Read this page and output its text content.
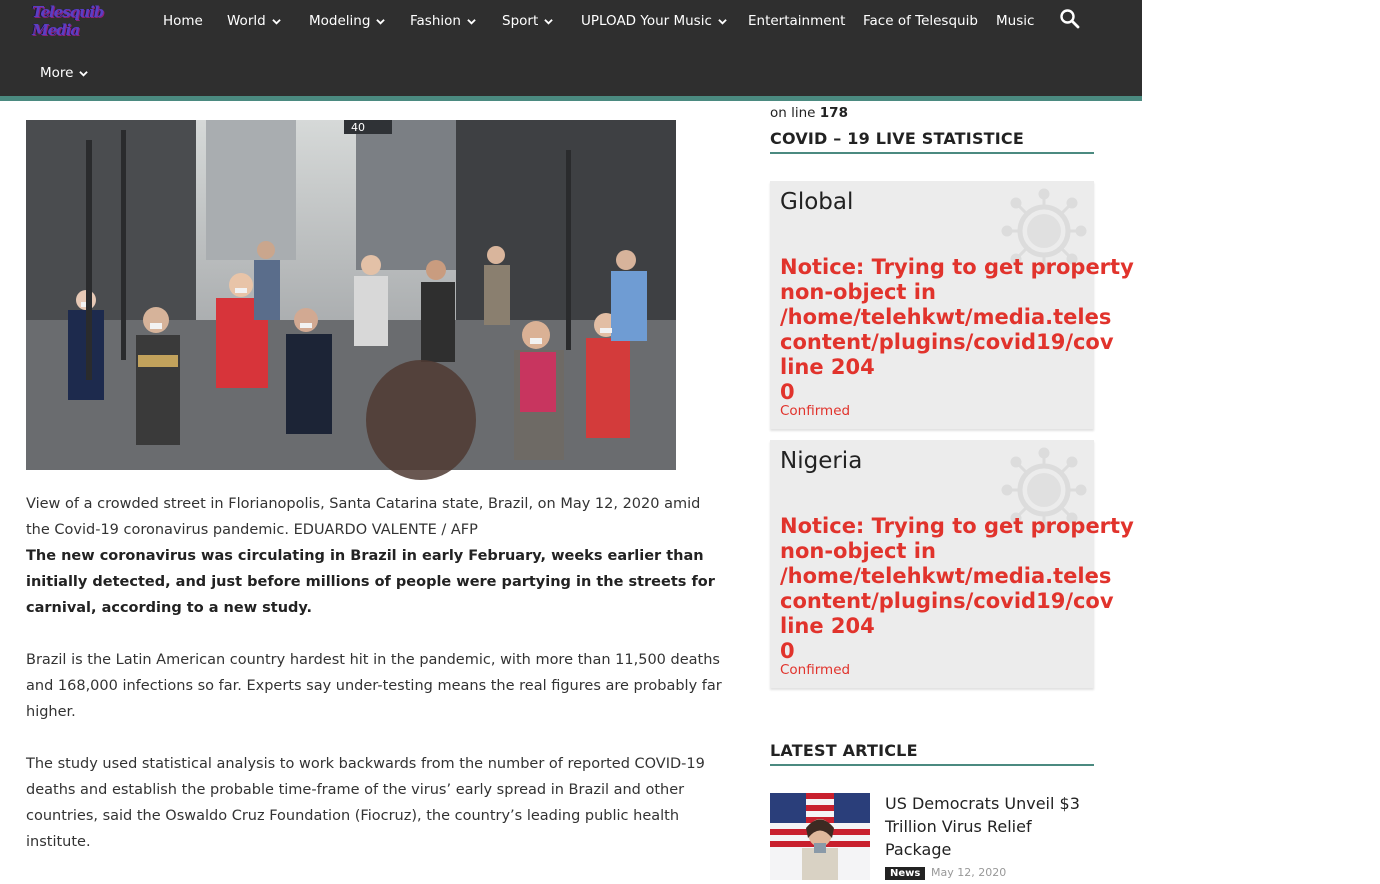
Telesquib Media	Home World	Modeling	Fashion	Sport	UPLOAD Your Music	Entertainment Face of Telesquib Music
More
40
View of a crowded street in Florianopolis, Santa Catarina state, Brazil, on May 12, 2020 amid the Covid-19 coronavirus pandemic. EDUARDO VALENTE / AFP
The new coronavirus was circulating in Brazil in early February, weeks earlier than initially detected, and just before millions of people were partying in the streets for carnival, according to a new study.
Brazil is the Latin American country hardest hit in the pandemic, with more than 11,500 deaths and 168,000 infections so far. Experts say under-testing means the real figures are probably far higher.
The study used statistical analysis to work backwards from the number of reported COVID-19 deaths and establish the probable time-frame of the virus’ early spread in Brazil and other countries, said the Oswaldo Cruz Foundation (Fiocruz), the country’s leading public health institute.
on line 178
COVID – 19 LIVE STATISTICE
Global
Notice: Trying to get property
non-object in
/home/telehkwt/media.teles
content/plugins/covid19/cov
line 204
0
Confirmed
Nigeria
Notice: Trying to get property
non-object in
/home/telehkwt/media.teles
content/plugins/covid19/cov
line 204
0
Confirmed
LATEST ARTICLE
US Democrats Unveil $3 Trillion Virus Relief Package
News May 12, 2020
